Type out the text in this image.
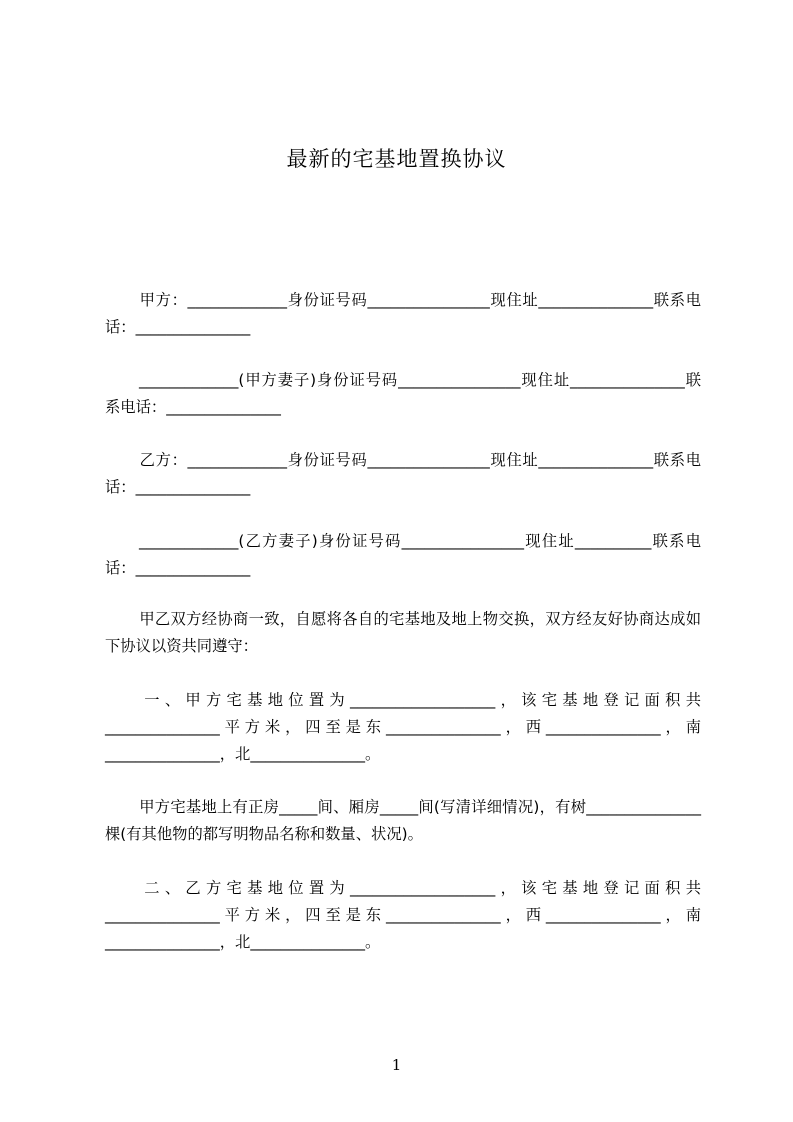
最新的宅基地置换协议
甲方：_____________身份证号码________________现住址_______________联系电话：_______________
_____________(甲方妻子)身份证号码________________现住址_______________联系电话：_______________
乙方：_____________身份证号码________________现住址_______________联系电话：_______________
_____________(乙方妻子)身份证号码________________现住址__________联系电话：_______________
甲乙双方经协商一致，自愿将各自的宅基地及地上物交换，双方经友好协商达成如下协议以资共同遵守：
一、甲方宅基地位置为___________________，该宅基地登记面积共_______________平方米，四至是东_______________，西_______________，南_______________，北_______________。
甲方宅基地上有正房_____间、厢房_____间(写清详细情况)，有树_______________棵(有其他物的都写明物品名称和数量、状况)。
二、乙方宅基地位置为___________________，该宅基地登记面积共_______________平方米，四至是东_______________，西_______________，南_______________，北_______________。
1
